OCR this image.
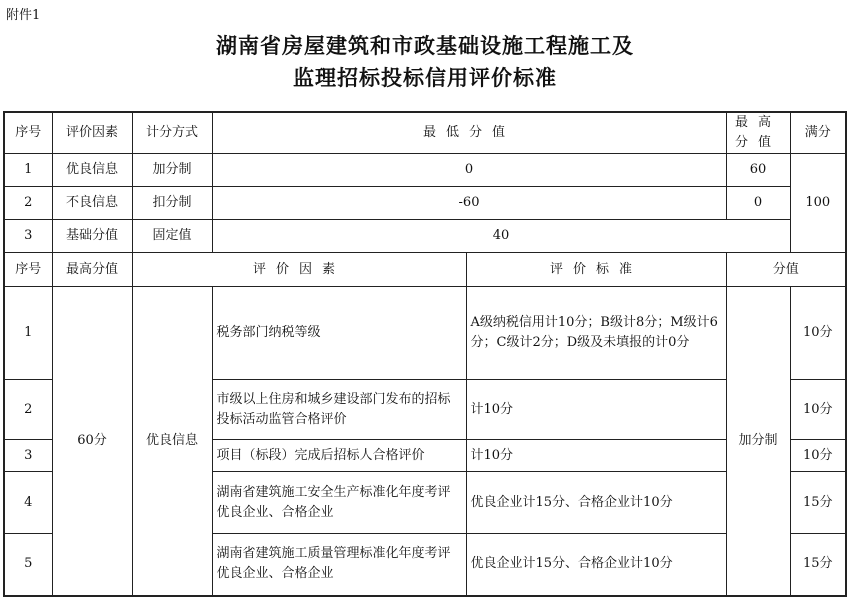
附件1
湖南省房屋建筑和市政基础设施工程施工及
监理招标投标信用评价标准
序号	评价因素	计分方式	最低分值		最高分值	满分
1	优良信息	加分制	0		60	100
2	不良信息	扣分制	-60		0	
3	基础分值	固定值	40			
序号	最高分值	评价因素		评价标准	分值	
1	60分	优良信息	税务部门纳税等级	A级纳税信用计10分；B级计8分；M级计6分；C级计2分；D级及未填报的计0分	加分制	10分
2			市级以上住房和城乡建设部门发布的招标投标活动监管合格评价	计10分		10分
3			项目（标段）完成后招标人合格评价	计10分		10分
4			湖南省建筑施工安全生产标准化年度考评优良企业、合格企业	优良企业计15分、合格企业计10分		15分
5			湖南省建筑施工质量管理标准化年度考评优良企业、合格企业	优良企业计15分、合格企业计10分		15分
